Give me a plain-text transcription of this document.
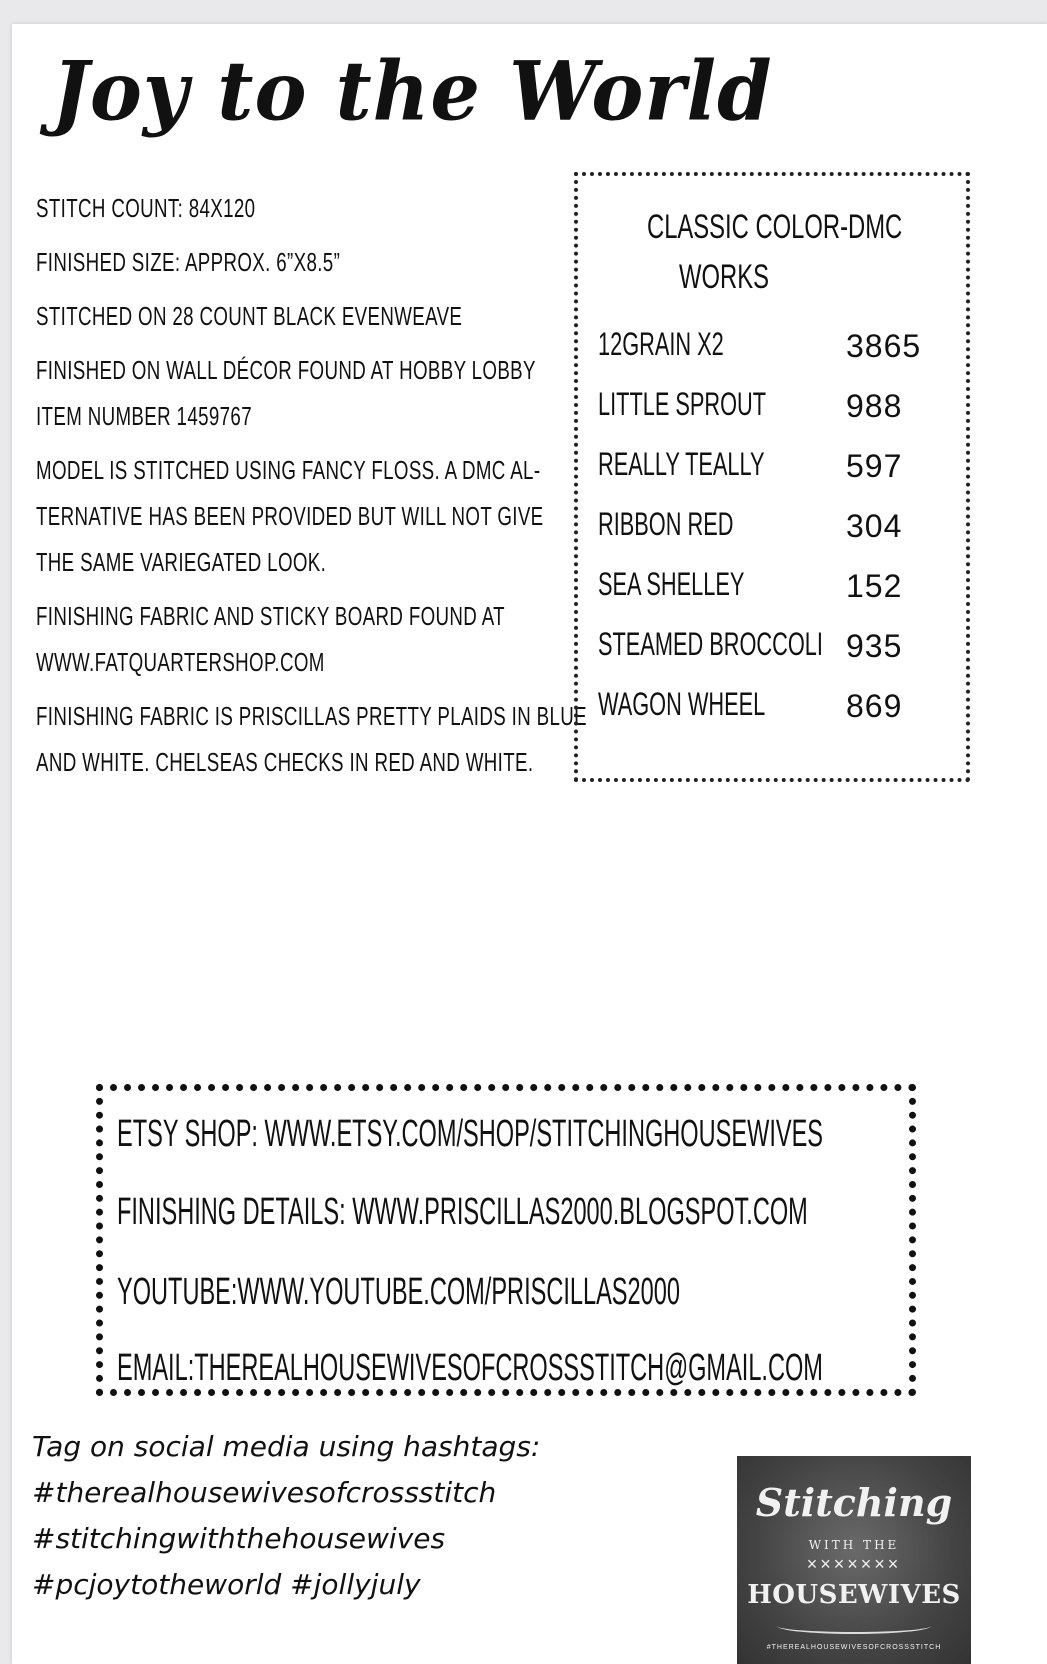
Joy to the World
STITCH COUNT: 84X120
FINISHED SIZE: APPROX. 6”X8.5”
STITCHED ON 28 COUNT BLACK EVENWEAVE
FINISHED ON WALL DÉCOR FOUND AT HOBBY LOBBY
ITEM NUMBER 1459767
MODEL IS STITCHED USING FANCY FLOSS. A DMC AL-
TERNATIVE HAS BEEN PROVIDED BUT WILL NOT GIVE
THE SAME VARIEGATED LOOK.
FINISHING FABRIC AND STICKY BOARD FOUND AT
WWW.FATQUARTERSHOP.COM
FINISHING FABRIC IS PRISCILLAS PRETTY PLAIDS IN BLUE
AND WHITE. CHELSEAS CHECKS IN RED AND WHITE.
CLASSIC COLOR-
WORKS
DMC
12GRAIN X2	3865
LITTLE SPROUT 988
REALLY TEALLY	597
RIBBON RED	304
SEA SHELLEY	152
STEAMED BROCCOLI 935
WAGON WHEEL	869
ETSY SHOP: WWW.ETSY.COM/SHOP/STITCHINGHOUSEWIVES
FINISHING DETAILS: WWW.PRISCILLAS2000.BLOGSPOT.COM
YOUTUBE:WWW.YOUTUBE.COM/PRISCILLAS2000
EMAIL:THEREALHOUSEWIVESOFCROSSSTITCH@GMAIL.COM
Tag on social media using hashtags:
#therealhousewivesofcrossstitch
#stitchingwiththehousewives
#pcjoytotheworld #jollyjuly
Stitching
WITH THE
×××××××
HOUSEWIVES
#THEREALHOUSEWIVESOFCROSSSTITCH
